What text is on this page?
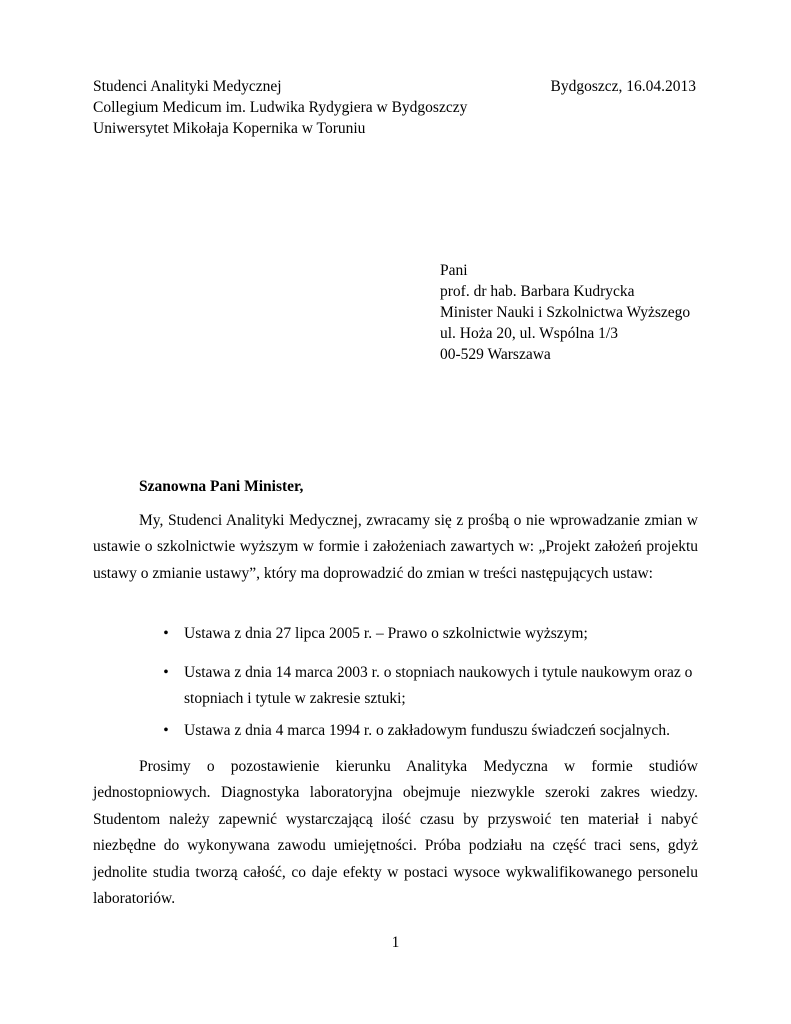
Studenci Analityki Medycznej
Collegium Medicum im. Ludwika Rydygiera w Bydgoszczy
Uniwersytet Mikołaja Kopernika w Toruniu
Bydgoszcz, 16.04.2013
Pani
prof. dr hab. Barbara Kudrycka
Minister Nauki i Szkolnictwa Wyższego
ul. Hoża 20, ul. Wspólna 1/3
00-529 Warszawa
Szanowna Pani Minister,

My, Studenci Analityki Medycznej, zwracamy się z prośbą o nie wprowadzanie zmian w ustawie o szkolnictwie wyższym w formie i założeniach zawartych w: „Projekt założeń projektu ustawy o zmianie ustawy”, który ma doprowadzić do zmian w treści następujących ustaw:

• Ustawa z dnia 27 lipca 2005 r. – Prawo o szkolnictwie wyższym;
• Ustawa z dnia 14 marca 2003 r. o stopniach naukowych i tytule naukowym oraz o stopniach i tytule w zakresie sztuki;
• Ustawa z dnia 4 marca 1994 r. o zakładowym funduszu świadczeń socjalnych.

Prosimy o pozostawienie kierunku Analityka Medyczna w formie studiów jednostopniowych. Diagnostyka laboratoryjna obejmuje niezwykle szeroki zakres wiedzy. Studentom należy zapewnić wystarczającą ilość czasu by przyswoić ten materiał i nabyć niezbędne do wykonywana zawodu umiejętności. Próba podziału na część traci sens, gdyż jednolite studia tworzą całość, co daje efekty w postaci wysoce wykwalifikowanego personelu laboratoriów.

1
